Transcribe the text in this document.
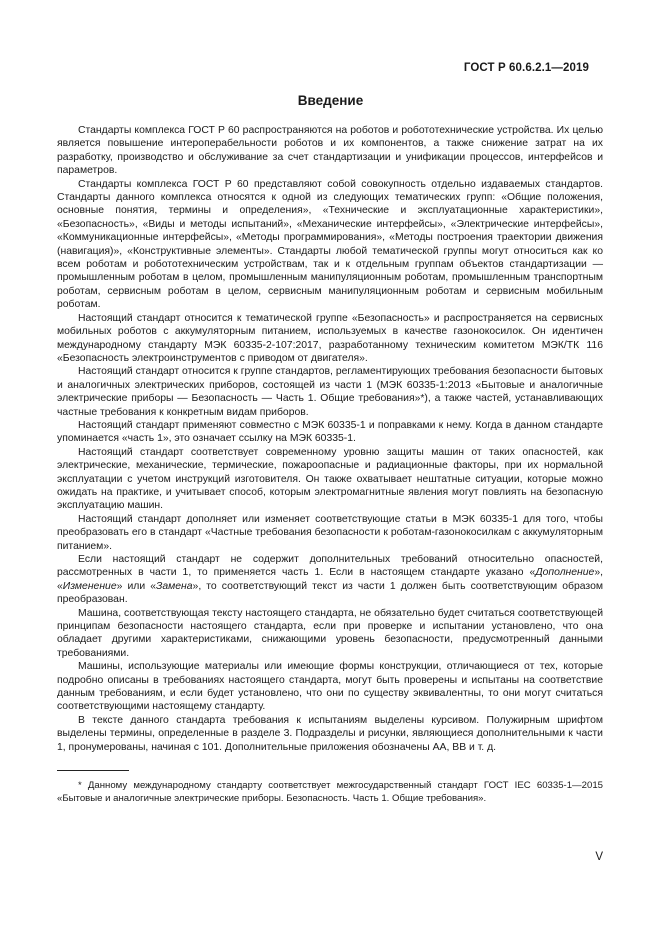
ГОСТ Р 60.6.2.1—2019
Введение

Стандарты комплекса ГОСТ Р 60 распространяются на роботов и робототехнические устройства. Их целью является повышение интероперабельности роботов и их компонентов, а также снижение затрат на их разработку, производство и обслуживание за счет стандартизации и унификации процессов, интерфейсов и параметров.

Стандарты комплекса ГОСТ Р 60 представляют собой совокупность отдельно издаваемых стандартов. Стандарты данного комплекса относятся к одной из следующих тематических групп: «Общие положения, основные понятия, термины и определения», «Технические и эксплуатационные характеристики», «Безопасность», «Виды и методы испытаний», «Механические интерфейсы», «Электрические интерфейсы», «Коммуникационные интерфейсы», «Методы программирования», «Методы построения траектории движения (навигация)», «Конструктивные элементы». Стандарты любой тематической группы могут относиться как ко всем роботам и робототехническим устройствам, так и к отдельным группам объектов стандартизации — промышленным роботам в целом, промышленным манипуляционным роботам, промышленным транспортным роботам, сервисным роботам в целом, сервисным манипуляционным роботам и сервисным мобильным роботам.

Настоящий стандарт относится к тематической группе «Безопасность» и распространяется на сервисных мобильных роботов с аккумуляторным питанием, используемых в качестве газонокосилок. Он идентичен международному стандарту МЭК 60335-2-107:2017, разработанному техническим комитетом МЭК/ТК 116 «Безопасность электроинструментов с приводом от двигателя».

Настоящий стандарт относится к группе стандартов, регламентирующих требования безопасности бытовых и аналогичных электрических приборов, состоящей из части 1 (МЭК 60335-1:2013 «Бытовые и аналогичные электрические приборы — Безопасность — Часть 1. Общие требования»*), а также частей, устанавливающих частные требования к конкретным видам приборов.

Настоящий стандарт применяют совместно с МЭК 60335-1 и поправками к нему. Когда в данном стандарте упоминается «часть 1», это означает ссылку на МЭК 60335-1.

Настоящий стандарт соответствует современному уровню защиты машин от таких опасностей, как электрические, механические, термические, пожароопасные и радиационные факторы, при их нормальной эксплуатации с учетом инструкций изготовителя. Он также охватывает нештатные ситуации, которые можно ожидать на практике, и учитывает способ, которым электромагнитные явления могут повлиять на безопасную эксплуатацию машин.

Настоящий стандарт дополняет или изменяет соответствующие статьи в МЭК 60335-1 для того, чтобы преобразовать его в стандарт «Частные требования безопасности к роботам-газонокосилкам с аккумуляторным питанием».

Если настоящий стандарт не содержит дополнительных требований относительно опасностей, рассмотренных в части 1, то применяется часть 1. Если в настоящем стандарте указано «Дополнение», «Изменение» или «Замена», то соответствующий текст из части 1 должен быть соответствующим образом преобразован.

Машина, соответствующая тексту настоящего стандарта, не обязательно будет считаться соответствующей принципам безопасности настоящего стандарта, если при проверке и испытании установлено, что она обладает другими характеристиками, снижающими уровень безопасности, предусмотренный данными требованиями.

Машины, использующие материалы или имеющие формы конструкции, отличающиеся от тех, которые подробно описаны в требованиях настоящего стандарта, могут быть проверены и испытаны на соответствие данным требованиям, и если будет установлено, что они по существу эквивалентны, то они могут считаться соответствующими настоящему стандарту.

В тексте данного стандарта требования к испытаниям выделены курсивом. Полужирным шрифтом выделены термины, определенные в разделе 3. Подразделы и рисунки, являющиеся дополнительными к части 1, пронумерованы, начиная с 101. Дополнительные приложения обозначены АА, ВВ и т. д.

* Данному международному стандарту соответствует межгосударственный стандарт ГОСТ IEC 60335-1—2015 «Бытовые и аналогичные электрические приборы. Безопасность. Часть 1. Общие требования».

V
